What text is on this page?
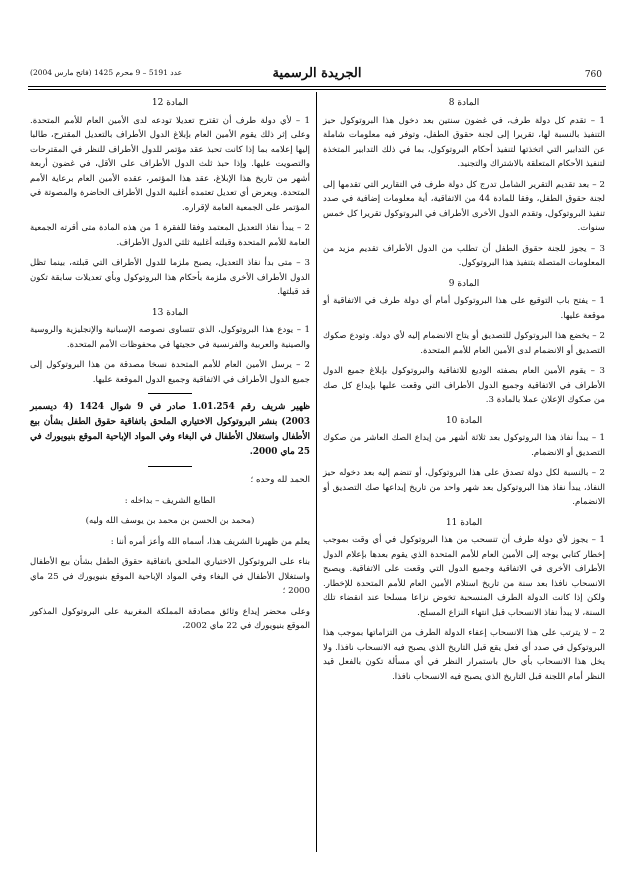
760
الجريدة الرسمية
عدد 5191 – 9 محرم 1425 (فاتح مارس 2004)
المادة 8

1 – تقدم كل دولة طرف، في غضون سنتين بعد دخول هذا البروتوكول حيز التنفيذ بالنسبة لها، تقريرا إلى لجنة حقوق الطفل، وتوفر فيه معلومات شاملة عن التدابير التي اتخذتها لتنفيذ أحكام البروتوكول، بما في ذلك التدابير المتخذة لتنفيذ الأحكام المتعلقة بالاشتراك والتجنيد.

2 – بعد تقديم التقرير الشامل تدرج كل دولة طرف في التقارير التي تقدمها إلى لجنة حقوق الطفل، وفقا للمادة 44 من الاتفاقية، أية معلومات إضافية في صدد تنفيذ البروتوكول، وتقدم الدول الأخرى الأطراف في البروتوكول تقريرا كل خمس سنوات.

3 – يجوز للجنة حقوق الطفل أن تطلب من الدول الأطراف تقديم مزيد من المعلومات المتصلة بتنفيذ هذا البروتوكول.

المادة 9

1 – يفتح باب التوقيع على هذا البروتوكول أمام أي دولة طرف في الاتفاقية أو موقعة عليها.

2 – يخضع هذا البروتوكول للتصديق أو يتاح الانضمام إليه لأي دولة. وتودع صكوك التصديق أو الانضمام لدى الأمين العام للأمم المتحدة.

3 – يقوم الأمين العام بصفته الوديع للاتفاقية والبروتوكول بإبلاغ جميع الدول الأطراف في الاتفاقية وجميع الدول الأطراف التي وقعت عليها بإيداع كل صك من صكوك الإعلان عملا بالمادة 3.

المادة 10

1 – يبدأ نفاذ هذا البروتوكول بعد ثلاثة أشهر من إيداع الصك العاشر من صكوك التصديق أو الانضمام.

2 – بالنسبة لكل دولة تصدق على هذا البروتوكول، أو تنضم إليه بعد دخوله حيز النفاذ، يبدأ نفاذ هذا البروتوكول بعد شهر واحد من تاريخ إيداعها صك التصديق أو الانضمام.

المادة 11

1 – يجوز لأي دولة طرف أن تنسحب من هذا البروتوكول في أي وقت بموجب إخطار كتابي يوجه إلى الأمين العام للأمم المتحدة الذي يقوم بعدها بإعلام الدول الأطراف الأخرى في الاتفاقية وجميع الدول التي وقعت على الاتفاقية. ويصبح الانسحاب نافذا بعد سنة من تاريخ استلام الأمين العام للأمم المتحدة للإخطار. ولكن إذا كانت الدولة الطرف المنسحبة تخوض نزاعا مسلحا عند انقضاء تلك السنة، لا يبدأ نفاذ الانسحاب قبل انتهاء النزاع المسلح.

2 – لا يترتب على هذا الانسحاب إعفاء الدولة الطرف من التزاماتها بموجب هذا البروتوكول في صدد أي فعل يقع قبل التاريخ الذي يصبح فيه الانسحاب نافذا. ولا يخل هذا الانسحاب بأي حال باستمرار النظر في أي مسألة تكون بالفعل قيد النظر أمام اللجنة قبل التاريخ الذي يصبح فيه الانسحاب نافذا.

المادة 12

1 – لأي دولة طرف أن تقترح تعديلا تودعه لدى الأمين العام للأمم المتحدة. وعلى إثر ذلك يقوم الأمين العام بإبلاغ الدول الأطراف بالتعديل المقترح، طالبا إليها إعلامه بما إذا كانت تحبذ عقد مؤتمر للدول الأطراف للنظر في المقترحات والتصويت عليها. وإذا حبذ ثلث الدول الأطراف على الأقل، في غضون أربعة أشهر من تاريخ هذا الإبلاغ، عقد هذا المؤتمر، عقده الأمين العام برعاية الأمم المتحدة. ويعرض أي تعديل تعتمده أغلبية الدول الأطراف الحاضرة والمصوتة في المؤتمر على الجمعية العامة لإقراره.

2 – يبدأ نفاذ التعديل المعتمد وفقا للفقرة 1 من هذه المادة متى أقرته الجمعية العامة للأمم المتحدة وقبلته أغلبية ثلثي الدول الأطراف.

3 – متى بدأ نفاذ التعديل، يصبح ملزما للدول الأطراف التي قبلته، بينما تظل الدول الأطراف الأخرى ملزمة بأحكام هذا البروتوكول وبأي تعديلات سابقة تكون قد قبلتها.

المادة 13

1 – يودع هذا البروتوكول، الذي تتساوى نصوصه الإسبانية والإنجليزية والروسية والصينية والعربية والفرنسية في حجيتها في محفوظات الأمم المتحدة.

2 – يرسل الأمين العام للأمم المتحدة نسخا مصدقة من هذا البروتوكول إلى جميع الدول الأطراف في الاتفاقية وجميع الدول الموقعة عليها.

ظهير شريف رقم 1.01.254 صادر في 9 شوال 1424 (4 ديسمبر 2003) بنشر البروتوكول الاختياري الملحق باتفاقية حقوق الطفل بشأن بيع الأطفال واستغلال الأطفال في البغاء وفي المواد الإباحية الموقع بنيويورك في 25 ماي 2000.

الحمد لله وحده ؛

الطابع الشريف – بداخله :

(محمد بن الحسن بن محمد بن يوسف الله وليه)

يعلم من ظهيرنا الشريف هذا، أسماه الله وأعز أمره أننا :

بناء على البروتوكول الاختياري الملحق باتفاقية حقوق الطفل بشأن بيع الأطفال واستغلال الأطفال في البغاء وفي المواد الإباحية الموقع بنيويورك في 25 ماي 2000 ؛

وعلى محضر إيداع وثائق مصادقة المملكة المغربية على البروتوكول المذكور الموقع بنيويورك في 22 ماي 2002،
